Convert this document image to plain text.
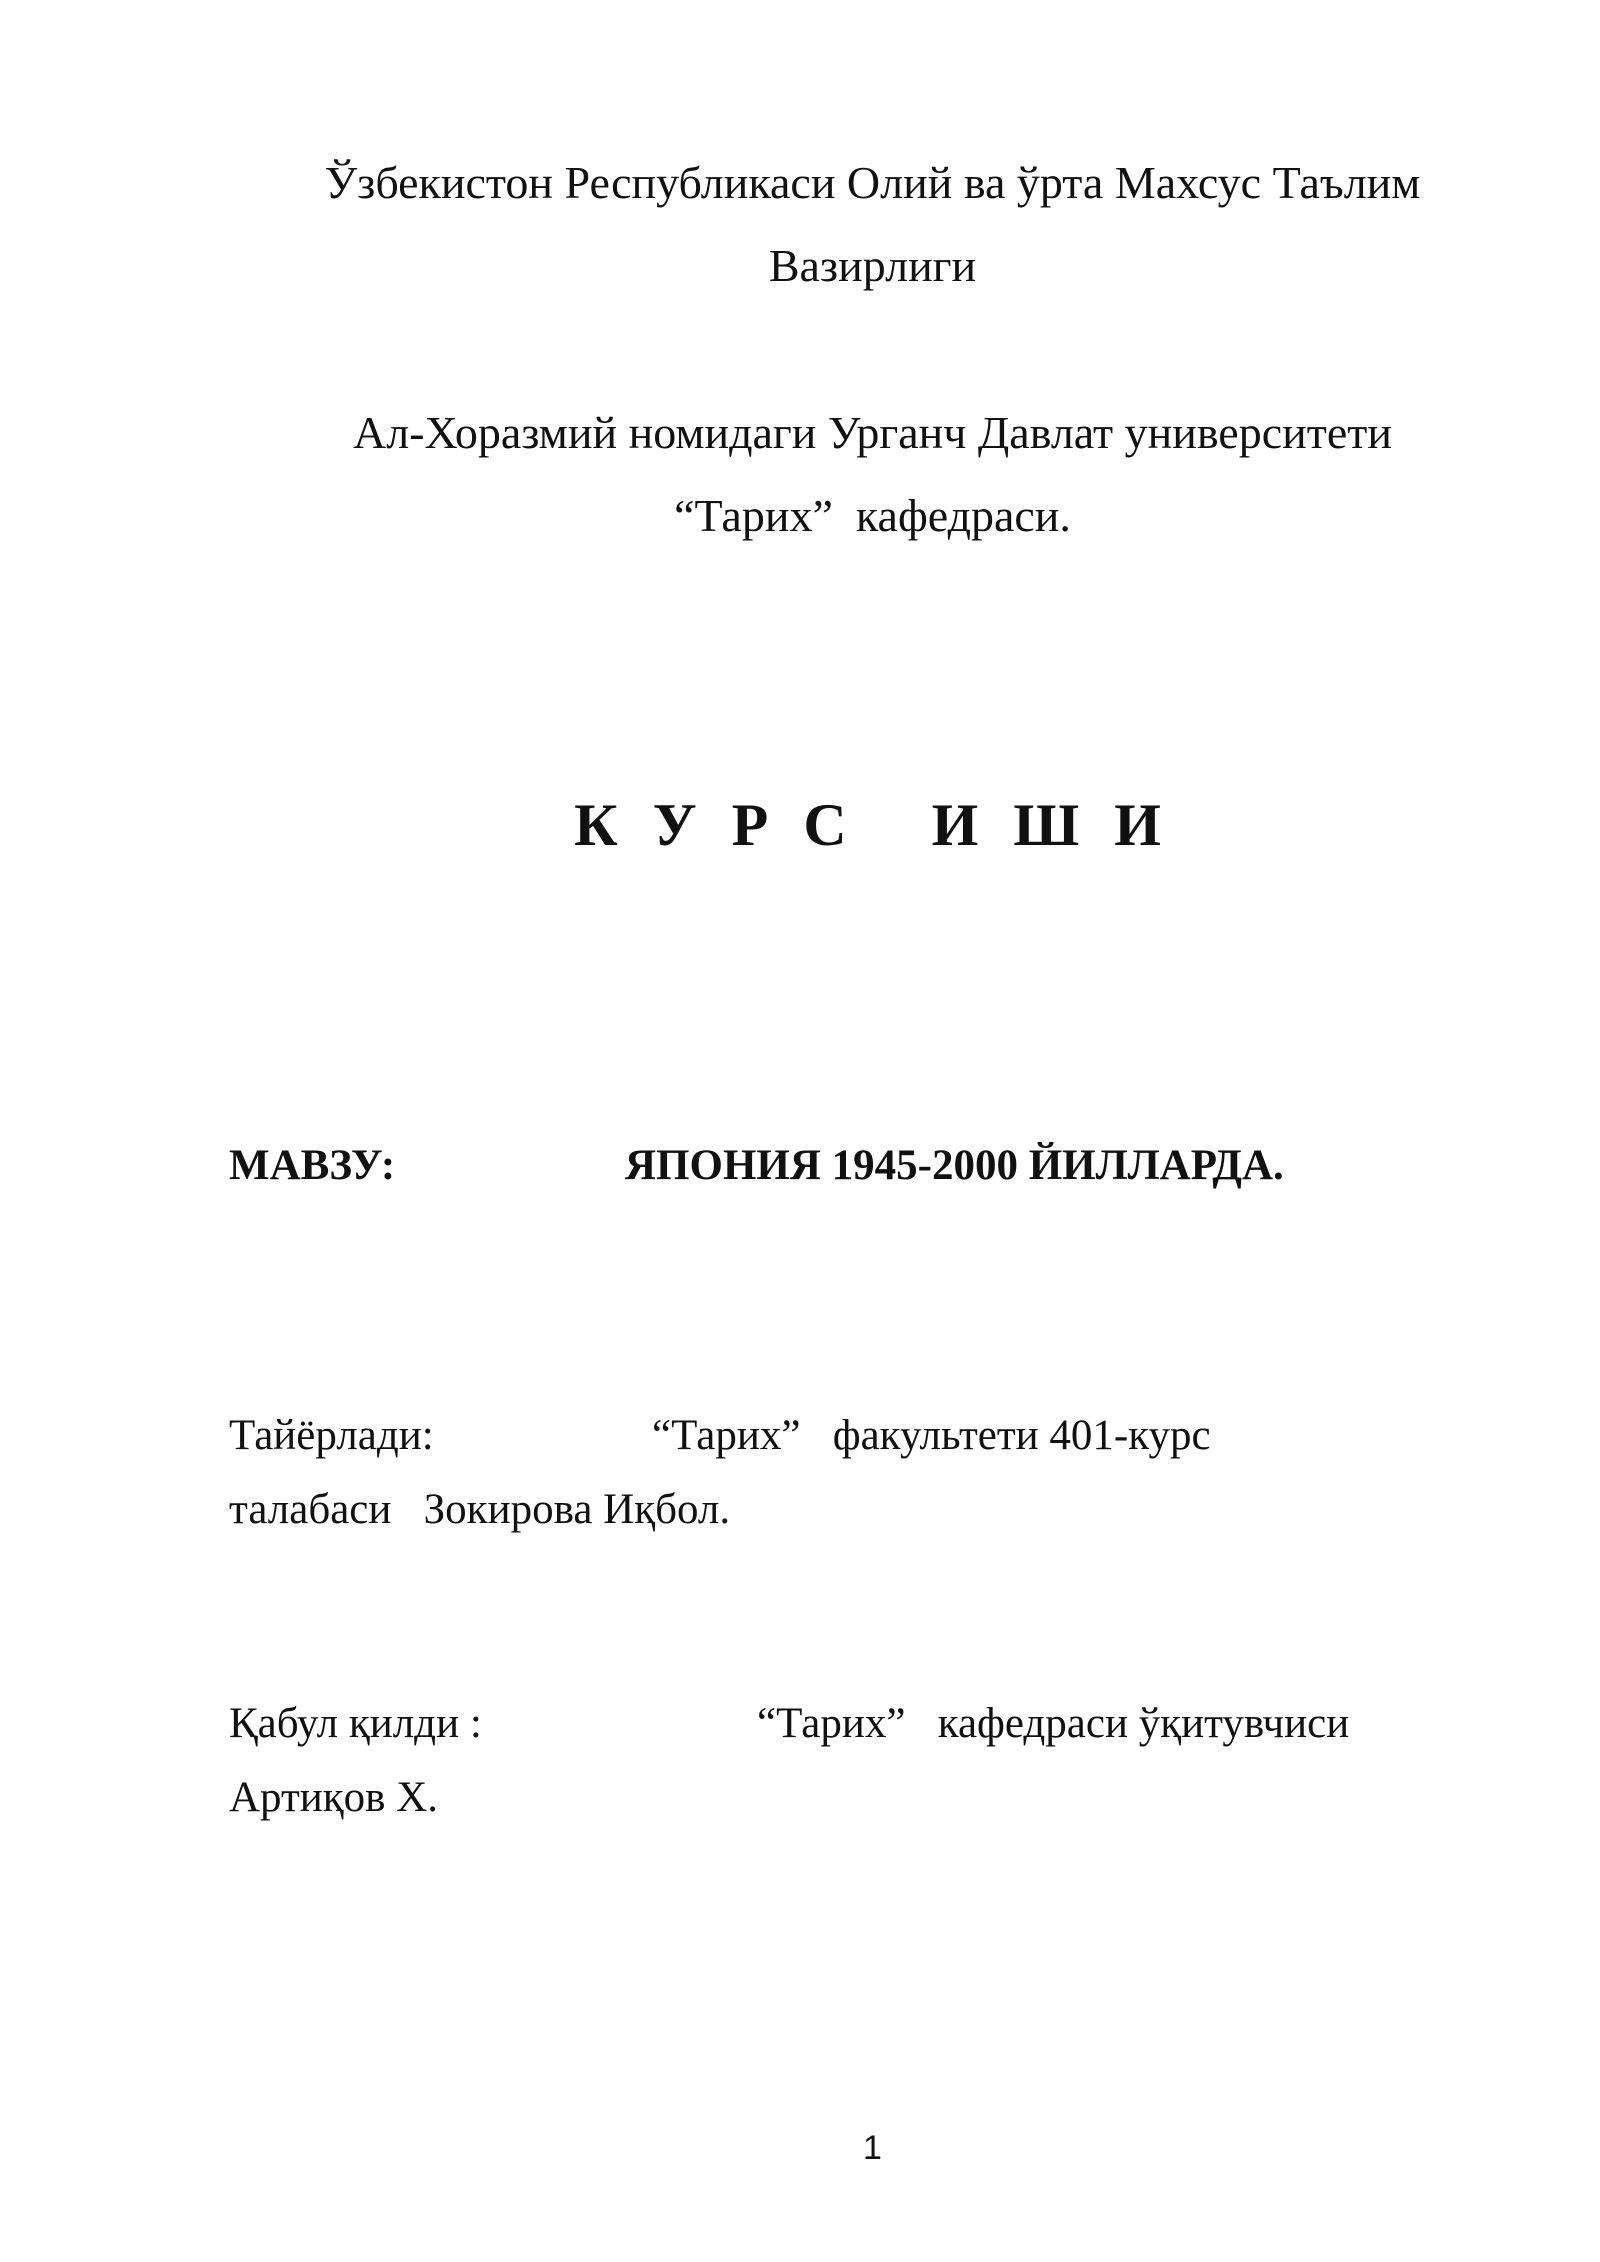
Ўзбекистон Республикаси Олий ва ўрта Махсус Таълим
Вазирлиги
Ал-Хоразмий номидаги Урганч Давлат университети
“Тарих”  кафедраси.
К У Р С   И Ш И
МАВЗУ:	ЯПОНИЯ 1945-2000 ЙИЛЛАРДА.
Тайёрлади:	“Тарих”   факультети 401-курс
талабаси   Зокирова Иқбол.
Қабул қилди :	“Тарих”   кафедраси ўқитувчиси
Артиқов Х.
1
